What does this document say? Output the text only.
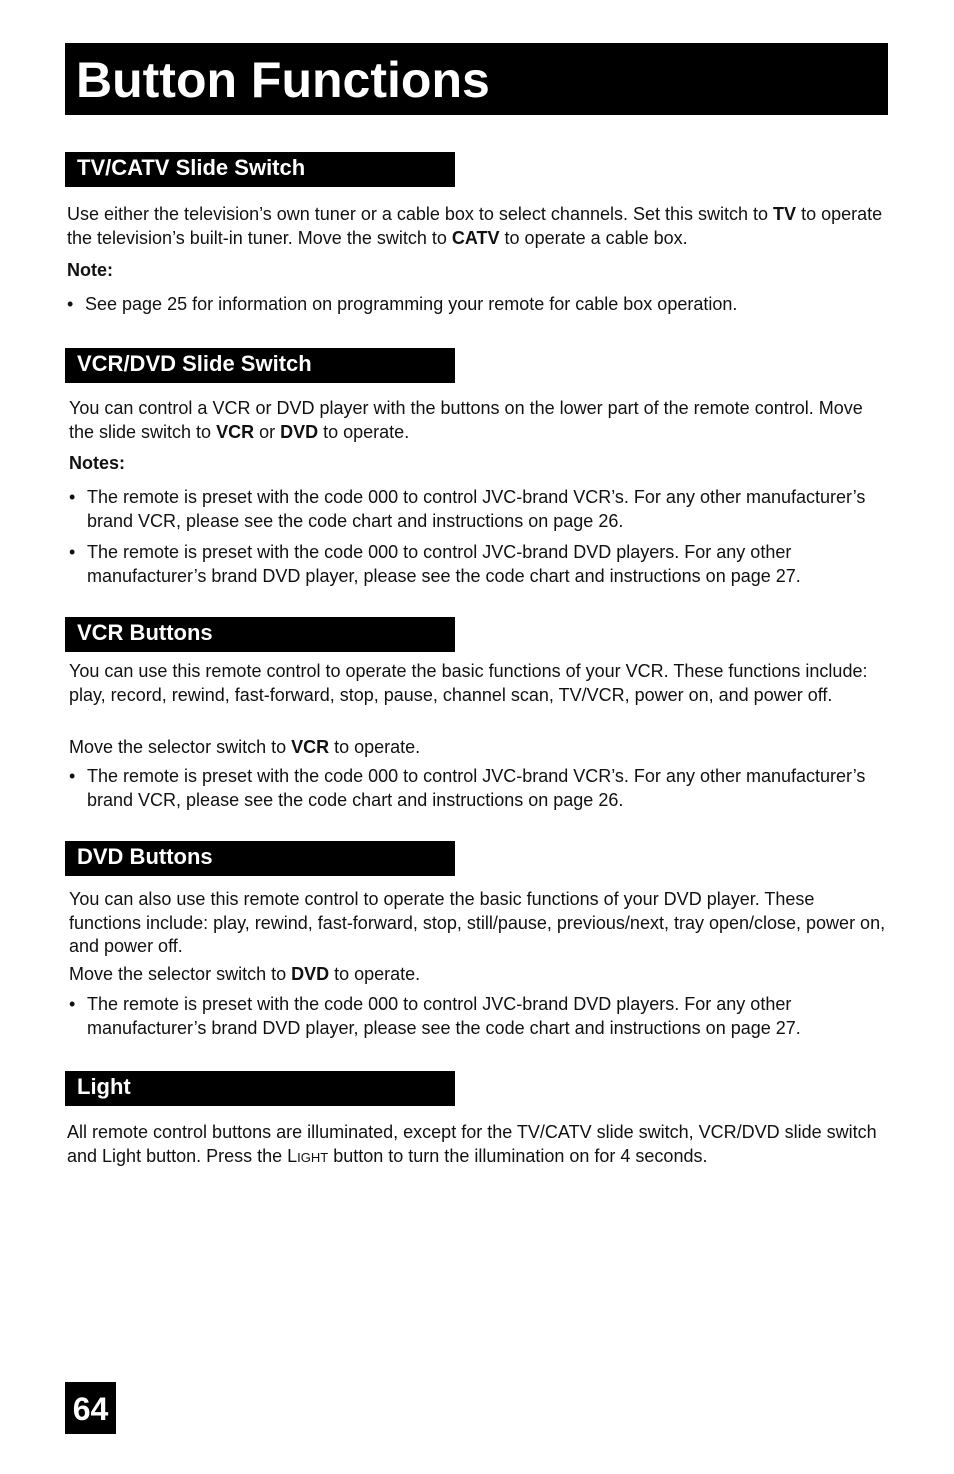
Button Functions
TV/CATV Slide Switch

Use either the television’s own tuner or a cable box to select channels. Set this switch to TV to operate the television’s built-in tuner. Move the switch to CATV to operate a cable box.

Note:

• See page 25 for information on programming your remote for cable box operation.
VCR/DVD Slide Switch

You can control a VCR or DVD player with the buttons on the lower part of the remote control. Move the slide switch to VCR or DVD to operate.

Notes:

• The remote is preset with the code 000 to control JVC-brand VCR’s. For any other manufacturer’s brand VCR, please see the code chart and instructions on page 26.
• The remote is preset with the code 000 to control JVC-brand DVD players. For any other manufacturer’s brand DVD player, please see the code chart and instructions on page 27.
VCR Buttons

You can use this remote control to operate the basic functions of your VCR. These functions include: play, record, rewind, fast-forward, stop, pause, channel scan, TV/VCR, power on, and power off.

Move the selector switch to VCR to operate.

• The remote is preset with the code 000 to control JVC-brand VCR’s. For any other manufacturer’s brand VCR, please see the code chart and instructions on page 26.
DVD Buttons

You can also use this remote control to operate the basic functions of your DVD player. These functions include: play, rewind, fast-forward, stop, still/pause, previous/next, tray open/close, power on, and power off.

Move the selector switch to DVD to operate.

• The remote is preset with the code 000 to control JVC-brand DVD players. For any other manufacturer’s brand DVD player, please see the code chart and instructions on page 27.
Light

All remote control buttons are illuminated, except for the TV/CATV slide switch, VCR/DVD slide switch and Light button. Press the Light button to turn the illumination on for 4 seconds.

64
